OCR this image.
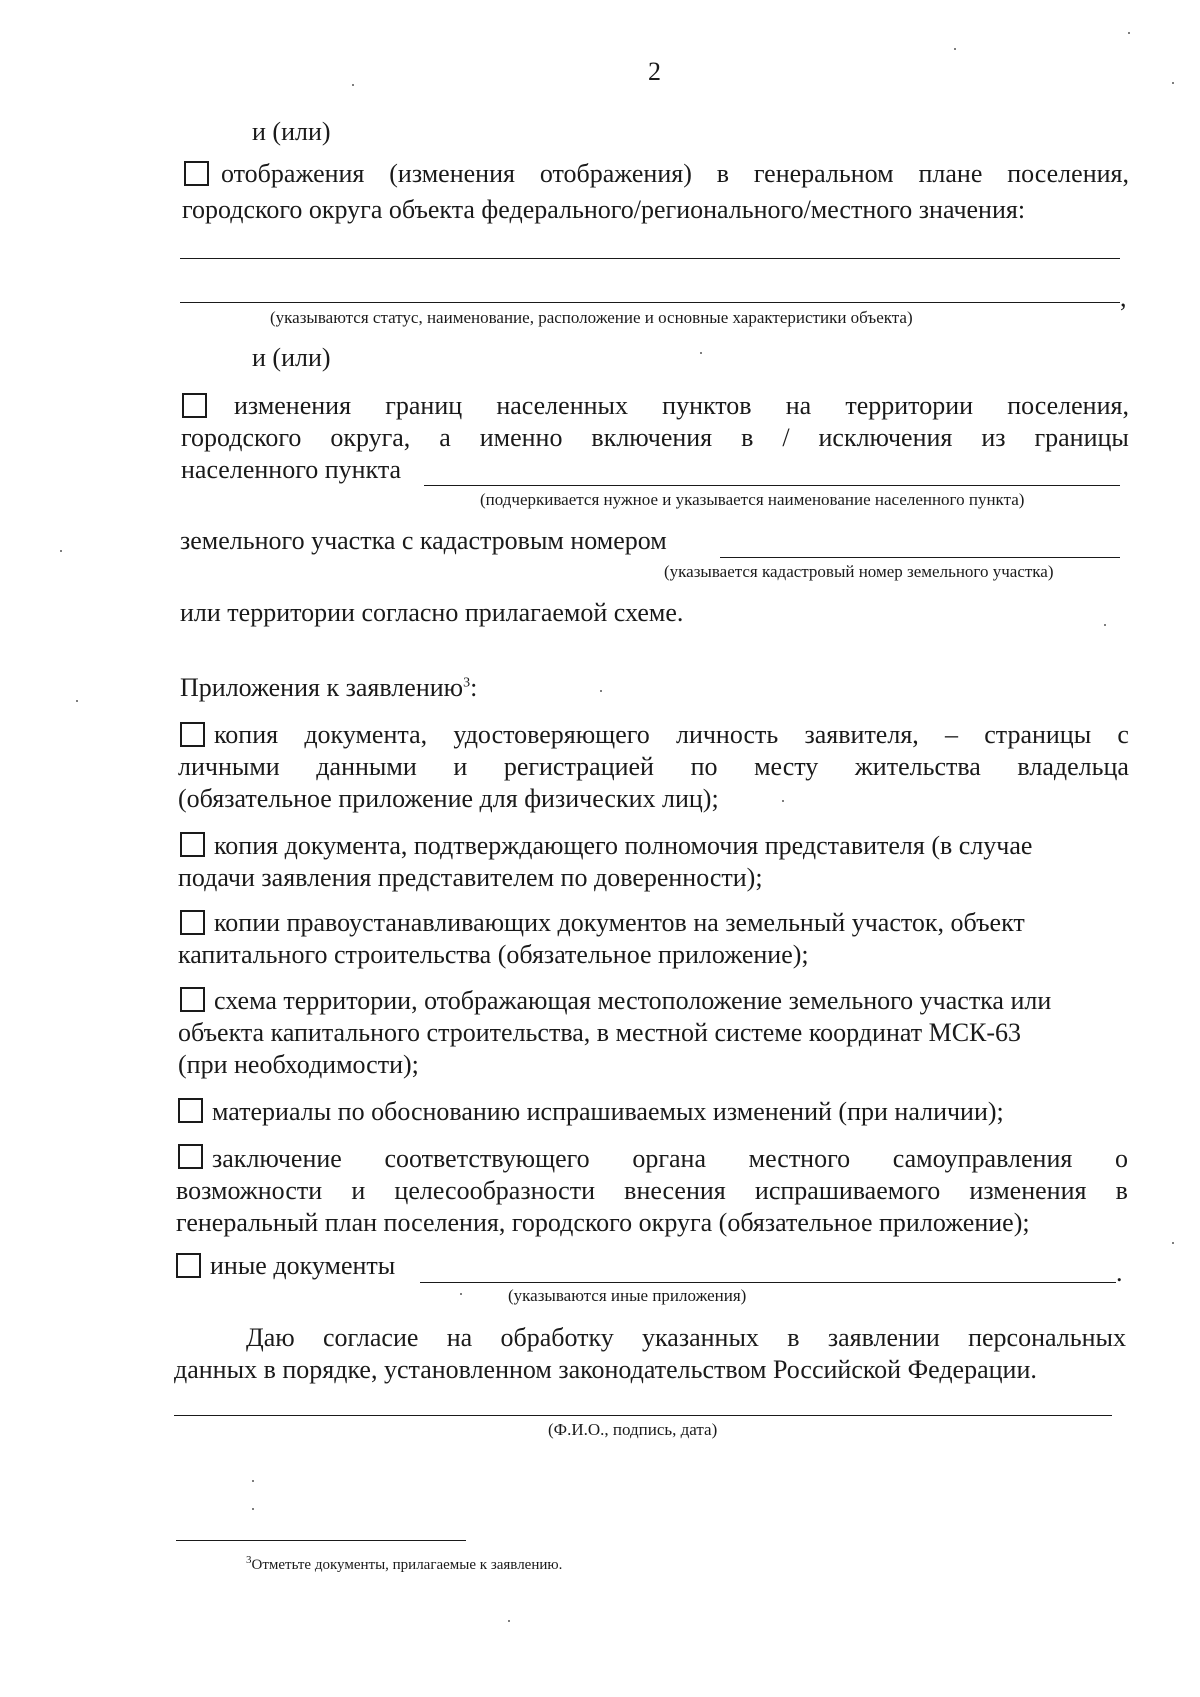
2
и (или)
отображения (изменения отображения) в генеральном плане поселения,
городского округа объекта федерального/регионального/местного значения:
,
(указываются статус, наименование, расположение и основные характеристики объекта)
и (или)
изменения границ населенных пунктов на территории поселения,
городского округа, а именно включения в / исключения из границы
населенного пункта
(подчеркивается нужное и указывается наименование населенного пункта)
земельного участка с кадастровым номером
(указывается кадастровый номер земельного участка)
или территории согласно прилагаемой схеме.
Приложения к заявлению$^3$:
копия документа, удостоверяющего личность заявителя, – страницы с
личными данными и регистрацией по месту жительства владельца
(обязательное приложение для физических лиц);
копия документа, подтверждающего полномочия представителя (в случае
подачи заявления представителем по доверенности);
копии правоустанавливающих документов на земельный участок, объект
капитального строительства (обязательное приложение);
схема территории, отображающая местоположение земельного участка или
объекта капитального строительства, в местной системе координат МСК-63
(при необходимости);
материалы по обоснованию испрашиваемых изменений (при наличии);
заключение соответствующего органа местного самоуправления о
возможности и целесообразности внесения испрашиваемого изменения в
генеральный план поселения, городского округа (обязательное приложение);
иные документы	.
(указываются иные приложения)
Даю согласие на обработку указанных в заявлении персональных
данных в порядке, установленном законодательством Российской Федерации.
(Ф.И.О., подпись, дата)
$^3$Отметьте документы, прилагаемые к заявлению.
